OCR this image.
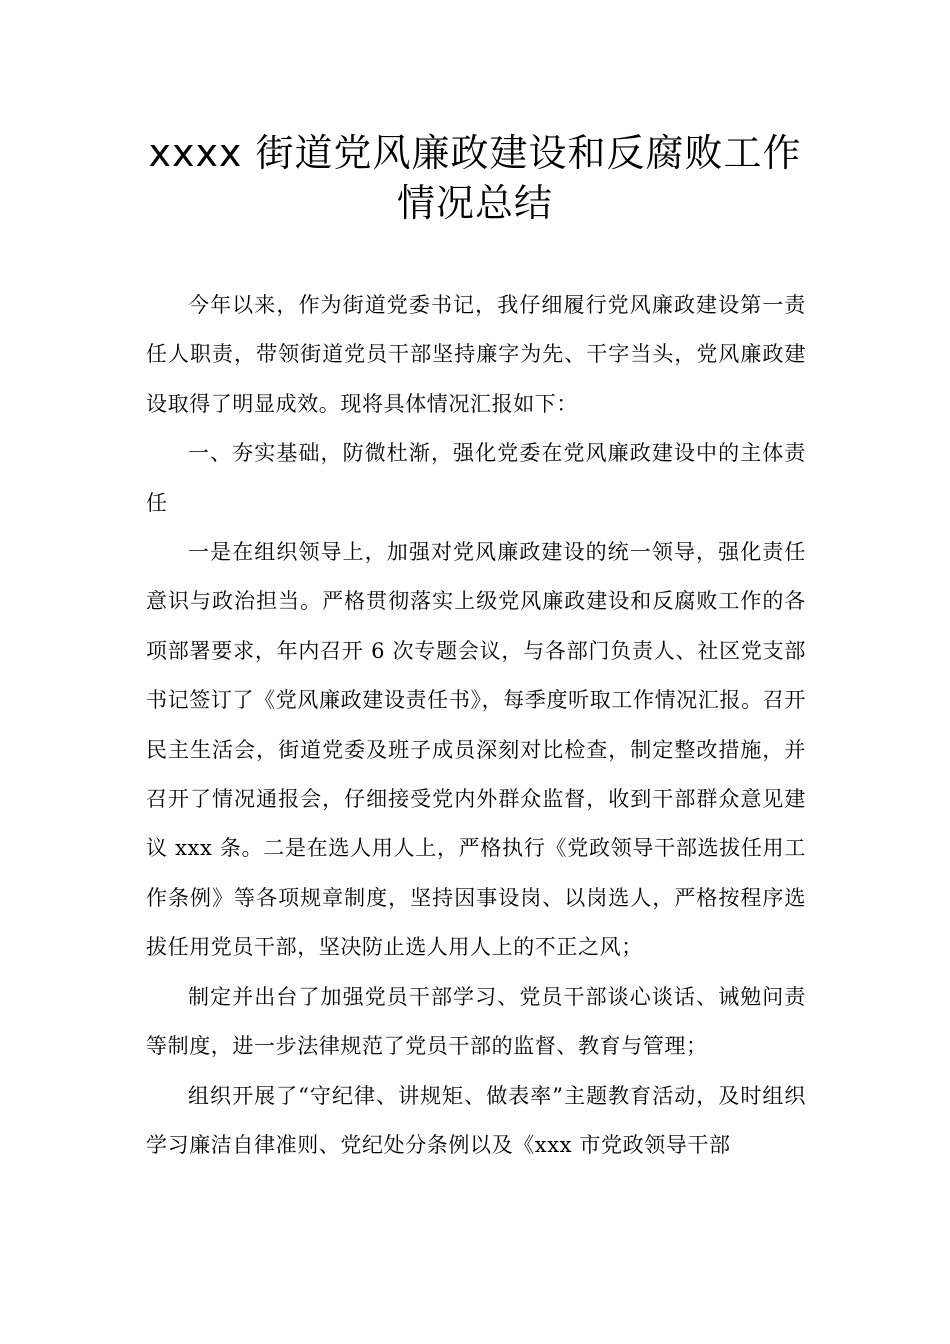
xxxx 街道党风廉政建设和反腐败工作情况总结

今年以来，作为街道党委书记，我仔细履行党风廉政建设第一责任人职责，带领街道党员干部坚持廉字为先、干字当头，党风廉政建设取得了明显成效。现将具体情况汇报如下：

一、夯实基础，防微杜渐，强化党委在党风廉政建设中的主体责任

一是在组织领导上，加强对党风廉政建设的统一领导，强化责任意识与政治担当。严格贯彻落实上级党风廉政建设和反腐败工作的各项部署要求，年内召开 6 次专题会议，与各部门负责人、社区党支部书记签订了《党风廉政建设责任书》，每季度听取工作情况汇报。召开民主生活会，街道党委及班子成员深刻对比检查，制定整改措施，并召开了情况通报会，仔细接受党内外群众监督，收到干部群众意见建议 xxx 条。二是在选人用人上，严格执行《党政领导干部选拔任用工作条例》等各项规章制度，坚持因事设岗、以岗选人，严格按程序选拔任用党员干部，坚决防止选人用人上的不正之风；

制定并出台了加强党员干部学习、党员干部谈心谈话、诫勉问责等制度，进一步法律规范了党员干部的监督、教育与管理；

组织开展了“守纪律、讲规矩、做表率”主题教育活动，及时组织学习廉洁自律准则、党纪处分条例以及《xxx 市党政领导干部
